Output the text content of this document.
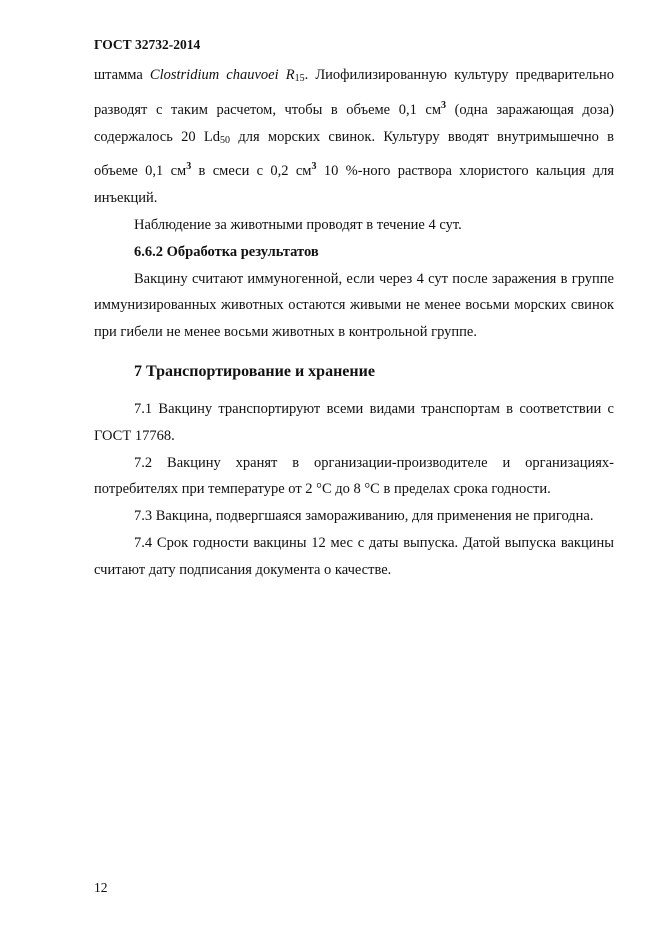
ГОСТ 32732-2014

штамма Clostridium chauvoei $R_{15}$. Лиофилизированную культуру предварительно разводят с таким расчетом, чтобы в объеме 0,1 $см^3$ (одна заражающая доза) содержалось 20 $Ld_{50}$ для морских свинок. Культуру вводят внутримышечно в объеме 0,1 $см^3$ в смеси с 0,2 $см^3$ 10 %-ного раствора хлористого кальция для инъекций.

Наблюдение за животными проводят в течение 4 сут.

6.6.2 Обработка результатов

Вакцину считают иммуногенной, если через 4 сут после заражения в группе иммунизированных животных остаются живыми не менее восьми морских свинок при гибели не менее восьми животных в контрольной группе.

7 Транспортирование и хранение

7.1 Вакцину транспортируют всеми видами транспортам в соответствии с ГОСТ 17768.

7.2 Вакцину хранят в организации-производителе и организациях-потребителях при температуре от 2 °С до 8 °С в пределах срока годности.

7.3 Вакцина, подвергшаяся замораживанию, для применения не пригодна.

7.4 Срок годности вакцины 12 мес с даты выпуска. Датой выпуска вакцины считают дату подписания документа о качестве.

12
